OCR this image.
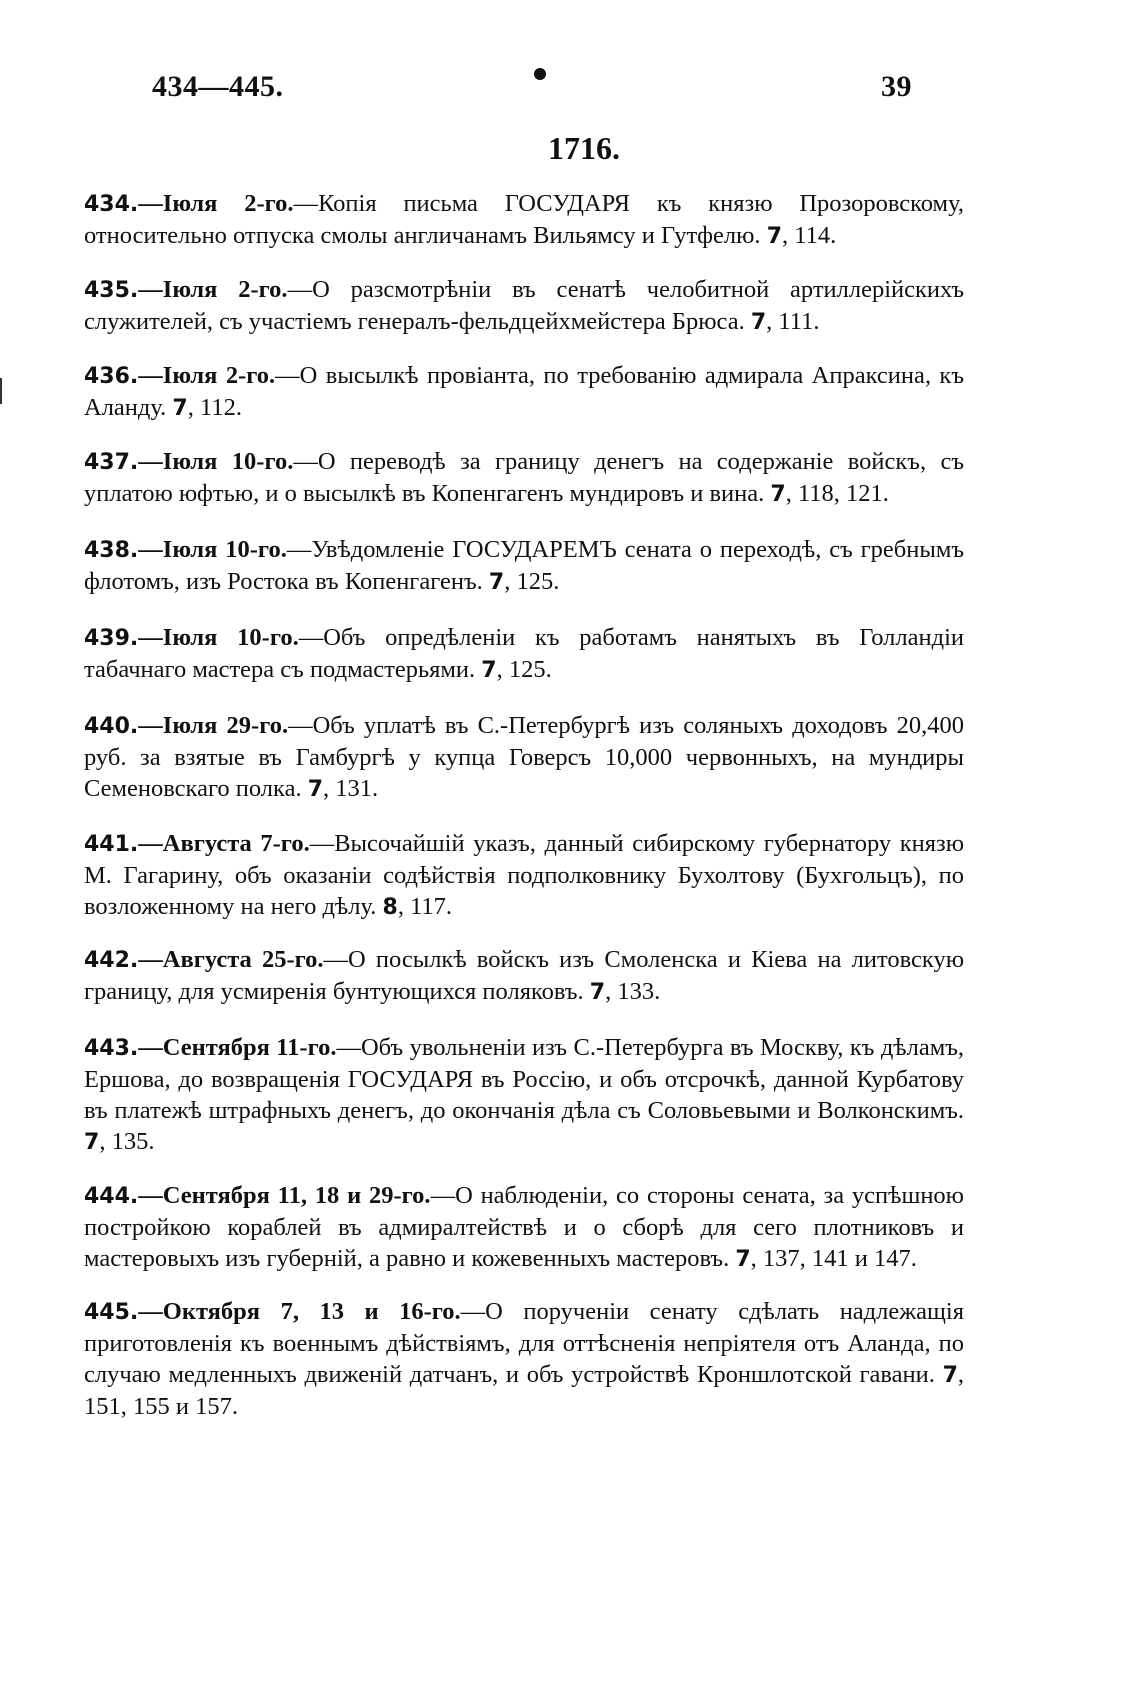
434—445.	39
1716.

434.—Іюля 2-го.—Копія письма ГОСУДАРЯ къ князю Прозоровскому, относительно отпуска смолы англичанамъ Вильямсу и Гутфелю. 7, 114.

435.—Іюля 2-го.—О разсмотрѣніи въ сенатѣ челобитной артиллерійскихъ служителей, съ участіемъ генералъ-фельдцейхмейстера Брюса. 7, 111.

436.—Іюля 2-го.—О высылкѣ провіанта, по требованію адмирала Апраксина, къ Аланду. 7, 112.

437.—Іюля 10-го.—О переводѣ за границу денегъ на содержаніе войскъ, съ уплатою юфтью, и о высылкѣ въ Копенгагенъ мундировъ и вина. 7, 118, 121.

438.—Іюля 10-го.—Увѣдомленіе ГОСУДАРЕМЪ сената о переходѣ, съ гребнымъ флотомъ, изъ Ростока въ Копенгагенъ. 7, 125.

439.—Іюля 10-го.—Объ опредѣленіи къ работамъ нанятыхъ въ Голландіи табачнаго мастера съ подмастерьями. 7, 125.

440.—Іюля 29-го.—Объ уплатѣ въ С.-Петербургѣ изъ соляныхъ доходовъ 20,400 руб. за взятые въ Гамбургѣ у купца Говерсъ 10,000 червонныхъ, на мундиры Семеновскаго полка. 7, 131.

441.—Августа 7-го.—Высочайшій указъ, данный сибирскому губернатору князю М. Гагарину, объ оказаніи содѣйствія подполковнику Бухолтову (Бухгольцъ), по возложенному на него дѣлу. 8, 117.

442.—Августа 25-го.—О посылкѣ войскъ изъ Смоленска и Кіева на литовскую границу, для усмиренія бунтующихся поляковъ. 7, 133.

443.—Сентября 11-го.—Объ увольненіи изъ С.-Петербурга въ Москву, къ дѣламъ, Ершова, до возвращенія ГОСУДАРЯ въ Россію, и объ отсрочкѣ, данной Курбатову въ платежѣ штрафныхъ денегъ, до окончанія дѣла съ Соловьевыми и Волконскимъ. 7, 135.

444.—Сентября 11, 18 и 29-го.—О наблюденіи, со стороны сената, за успѣшною постройкою кораблей въ адмиралтействѣ и о сборѣ для сего плотниковъ и мастеровыхъ изъ губерній, а равно и кожевенныхъ мастеровъ. 7, 137, 141 и 147.

445.—Октября 7, 13 и 16-го.—О порученіи сенату сдѣлать надлежащія приготовленія къ военнымъ дѣйствіямъ, для оттѣсненія непріятеля отъ Аланда, по случаю медленныхъ движеній датчанъ, и объ устройствѣ Кроншлотской гавани. 7, 151, 155 и 157.
